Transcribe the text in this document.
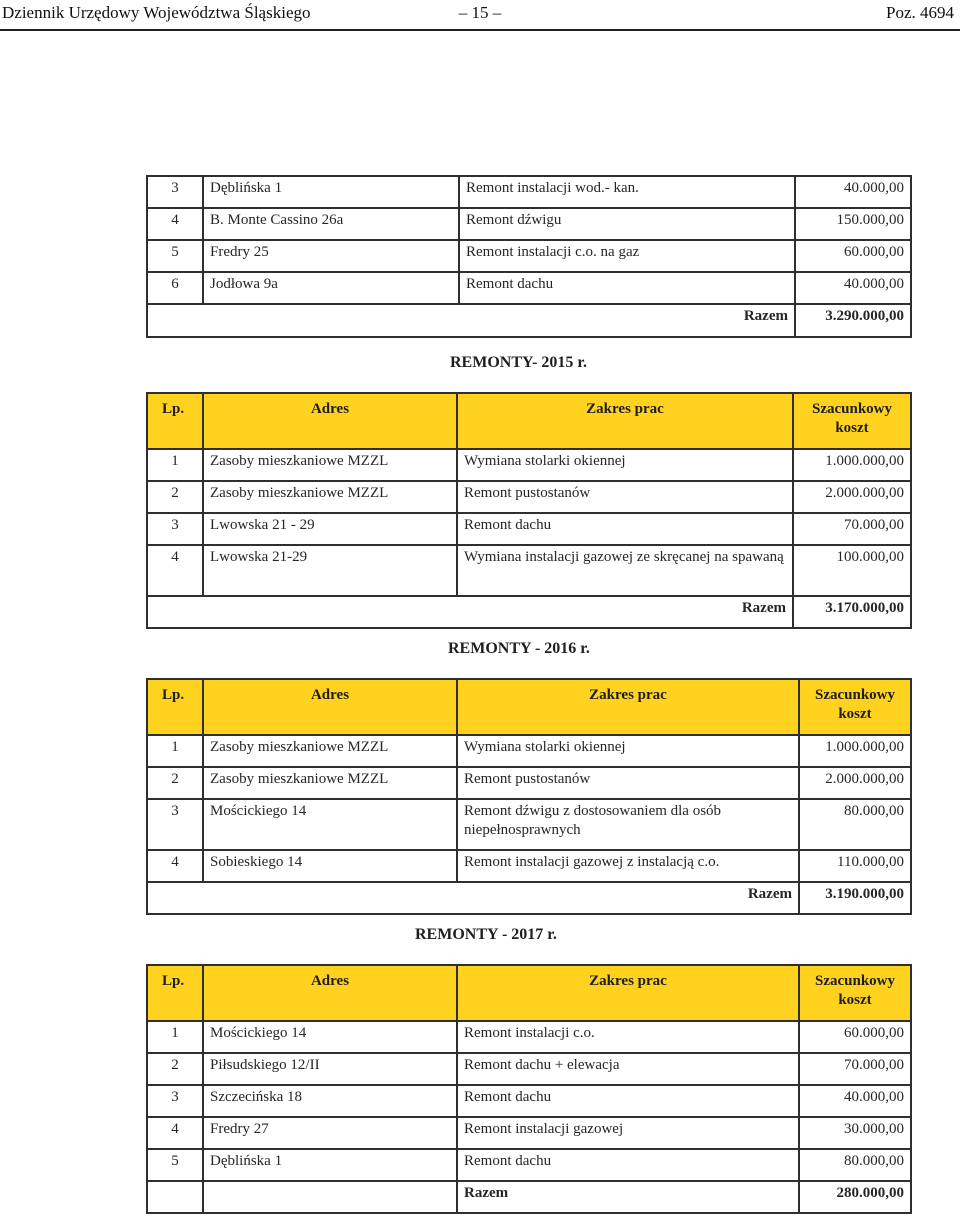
Dziennik Urzędowy Województwa Śląskiego	– 15 –	Poz. 4694
3	Dęblińska 1	Remont instalacji wod.- kan.	40.000,00
4	B. Monte Cassino 26a	Remont dźwigu	150.000,00
5	Fredry 25	Remont instalacji c.o. na gaz	60.000,00
6	Jodłowa 9a	Remont dachu	40.000,00
Razem			3.290.000,00
REMONTY- 2015 r.
Lp.	Adres	Zakres prac	Szacunkowy koszt
1	Zasoby mieszkaniowe MZZL	Wymiana stolarki okiennej	1.000.000,00
2	Zasoby mieszkaniowe MZZL	Remont pustostanów	2.000.000,00
3	Lwowska 21 - 29	Remont dachu	70.000,00
4	Lwowska 21-29	Wymiana instalacji gazowej ze skręcanej na spawaną	100.000,00
Razem			3.170.000,00
REMONTY - 2016 r.
Lp.	Adres	Zakres prac	Szacunkowy koszt
1	Zasoby mieszkaniowe MZZL	Wymiana stolarki okiennej	1.000.000,00
2	Zasoby mieszkaniowe MZZL	Remont pustostanów	2.000.000,00
3	Mościckiego 14	Remont dźwigu z dostosowaniem dla osób niepełnosprawnych	80.000,00
4	Sobieskiego 14	Remont instalacji gazowej z instalacją c.o.	110.000,00
Razem			3.190.000,00
REMONTY - 2017 r.
Lp.	Adres	Zakres prac	Szacunkowy koszt
1	Mościckiego 14	Remont instalacji c.o.	60.000,00
2	Piłsudskiego 12/II	Remont dachu + elewacja	70.000,00
3	Szczecińska 18	Remont dachu	40.000,00
4	Fredry 27	Remont instalacji gazowej	30.000,00
5	Dęblińska 1	Remont dachu	80.000,00
		Razem	280.000,00
